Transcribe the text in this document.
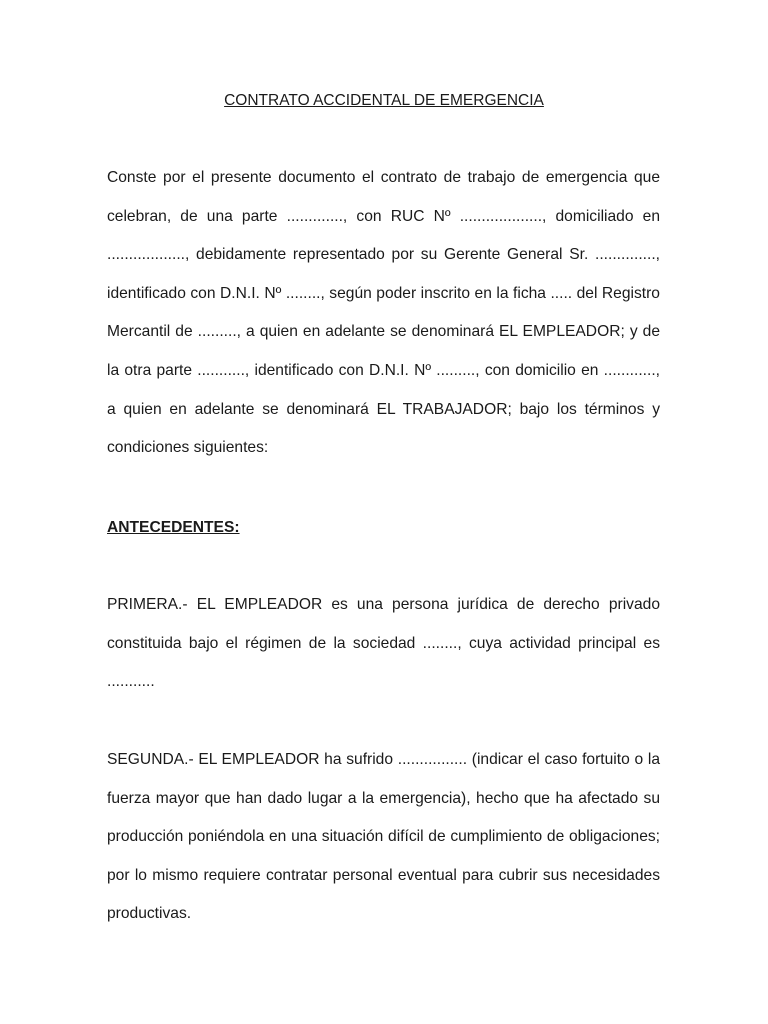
CONTRATO ACCIDENTAL DE EMERGENCIA

Conste por el presente documento el contrato de trabajo de emergencia que celebran, de una parte ............., con RUC Nº ..................., domiciliado en .................., debidamente representado por su Gerente General Sr. .............., identificado con D.N.I. Nº ........, según poder inscrito en la ficha ..... del Registro Mercantil de ........., a quien en adelante se denominará EL EMPLEADOR; y de la otra parte ..........., identificado con D.N.I. Nº ........., con domicilio en ............, a quien en adelante se denominará EL TRABAJADOR; bajo los términos y condiciones siguientes:

ANTECEDENTES:

PRIMERA.- EL EMPLEADOR es una persona jurídica de derecho privado constituida bajo el régimen de la sociedad ........, cuya actividad principal es ...........

SEGUNDA.- EL EMPLEADOR ha sufrido ................ (indicar el caso fortuito o la fuerza mayor que han dado lugar a la emergencia), hecho que ha afectado su producción poniéndola en una situación difícil de cumplimiento de obligaciones; por lo mismo requiere contratar personal eventual para cubrir sus necesidades productivas.
